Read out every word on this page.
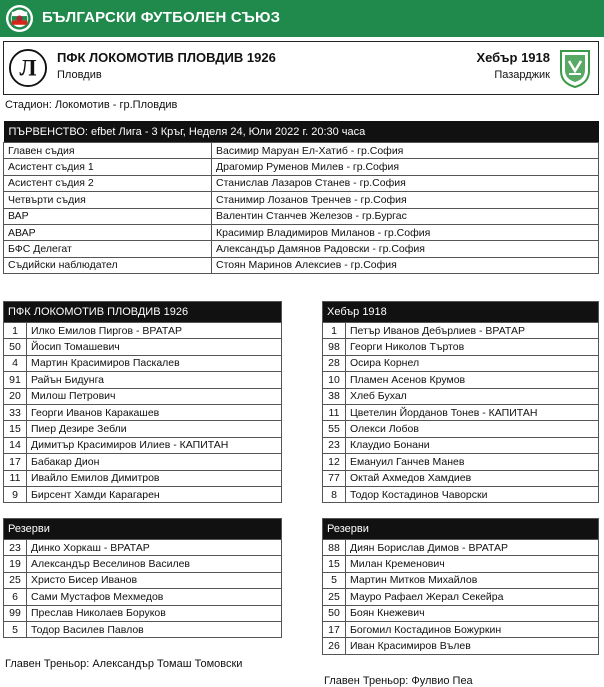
БЪЛГАРСКИ ФУТБОЛЕН СЪЮЗ
Л ПФК ЛОКОМОТИВ ПЛОВДИВ 1926
Пловдив
Хебър 1918
Пазарджик
Стадион: Локомотив - гр.Пловдив
ПЪРВЕНСТВО: efbet Лига - 3 Кръг, Неделя 24, Юли 2022 г. 20:30 часа	
Главен съдия	Васимир Маруан Ел-Хатиб - гр.София
Асистент съдия 1	Драгомир Руменов Милев - гр.София
Асистент съдия 2	Станислав Лазаров Станев - гр.София
Четвърти съдия	Станимир Лозанов Тренчев - гр.София
ВАР	Валентин Станчев Железов - гр.Бургас
АВАР	Красимир Владимиров Миланов - гр.София
БФС Делегат	Александър Дамянов Радовски - гр.София
Съдийски наблюдател	Стоян Маринов Алексиев - гр.София
ПФК ЛОКОМОТИВ ПЛОВДИВ 1926	
1	Илко Емилов Пиргов - ВРАТАР
50	Йосип Томашевич
4	Мартин Красимиров Паскалев
91	Райън Бидунга
20	Милош Петрович
33	Георги Иванов Каракашев
15	Пиер Дезире Зебли
14	Димитър Красимиров Илиев - КАПИТАН
17	Бабакар Дион
11	Ивайло Емилов Димитров
9	Бирсент Хамди Карагарен
Резерви	
23	Динко Хоркаш - ВРАТАР
19	Александър Веселинов Василев
25	Христо Бисер Иванов
6	Сами Мустафов Мехмедов
99	Преслав Николаев Боруков
5	Тодор Василев Павлов
Хебър 1918	
1	Петър Иванов Дебърлиев - ВРАТАР
98	Георги Николов Търтов
28	Осира Корнел
10	Пламен Асенов Крумов
38	Хлеб Бухал
11	Цветелин Йорданов Тонев - КАПИТАН
55	Олекси Лобов
23	Клаудио Бонани
12	Емануил Ганчев Манев
77	Октай Ахмедов Хамдиев
8	Тодор Костадинов Чаворски
Резерви	
88	Диян Борислав Димов - ВРАТАР
15	Милан Кременович
5	Мартин Митков Михайлов
25	Мауро Рафаел Жерал Секейра
50	Боян Кнежевич
17	Богомил Костадинов Божуркин
26	Иван Красимиров Вълев
Главен Треньор: Александър Томаш Томовски
Главен Треньор: Фулвио Пеа
